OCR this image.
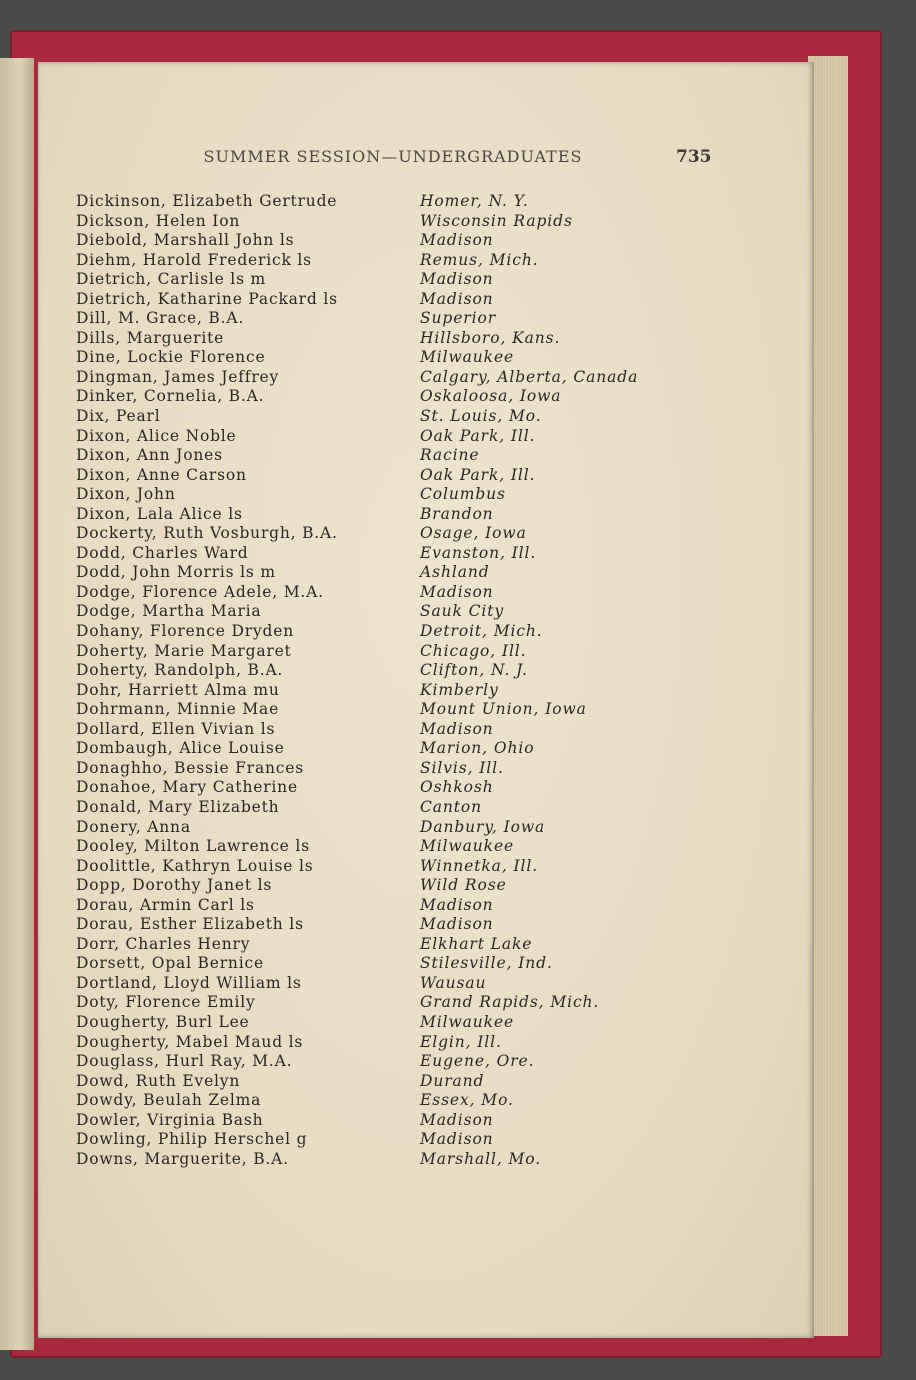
SUMMER SESSION—UNDERGRADUATES	735
Dickinson, Elizabeth Gertrude	Homer, N. Y.
Dickson, Helen Ion	Wisconsin Rapids
Diebold, Marshall John ls	Madison
Diehm, Harold Frederick ls	Remus, Mich.
Dietrich, Carlisle ls m	Madison
Dietrich, Katharine Packard ls	Madison
Dill, M. Grace, B.A.	Superior
Dills, Marguerite	Hillsboro, Kans.
Dine, Lockie Florence	Milwaukee
Dingman, James Jeffrey	Calgary, Alberta, Canada
Dinker, Cornelia, B.A.	Oskaloosa, Iowa
Dix, Pearl	St. Louis, Mo.
Dixon, Alice Noble	Oak Park, Ill.
Dixon, Ann Jones	Racine
Dixon, Anne Carson	Oak Park, Ill.
Dixon, John	Columbus
Dixon, Lala Alice ls	Brandon
Dockerty, Ruth Vosburgh, B.A.	Osage, Iowa
Dodd, Charles Ward	Evanston, Ill.
Dodd, John Morris ls m	Ashland
Dodge, Florence Adele, M.A.	Madison
Dodge, Martha Maria	Sauk City
Dohany, Florence Dryden	Detroit, Mich.
Doherty, Marie Margaret	Chicago, Ill.
Doherty, Randolph, B.A.	Clifton, N. J.
Dohr, Harriett Alma mu	Kimberly
Dohrmann, Minnie Mae	Mount Union, Iowa
Dollard, Ellen Vivian ls	Madison
Dombaugh, Alice Louise	Marion, Ohio
Donaghho, Bessie Frances	Silvis, Ill.
Donahoe, Mary Catherine	Oshkosh
Donald, Mary Elizabeth	Canton
Donery, Anna	Danbury, Iowa
Dooley, Milton Lawrence ls	Milwaukee
Doolittle, Kathryn Louise ls	Winnetka, Ill.
Dopp, Dorothy Janet ls	Wild Rose
Dorau, Armin Carl ls	Madison
Dorau, Esther Elizabeth ls	Madison
Dorr, Charles Henry	Elkhart Lake
Dorsett, Opal Bernice	Stilesville, Ind.
Dortland, Lloyd William ls	Wausau
Doty, Florence Emily	Grand Rapids, Mich.
Dougherty, Burl Lee	Milwaukee
Dougherty, Mabel Maud ls	Elgin, Ill.
Douglass, Hurl Ray, M.A.	Eugene, Ore.
Dowd, Ruth Evelyn	Durand
Dowdy, Beulah Zelma	Essex, Mo.
Dowler, Virginia Bash	Madison
Dowling, Philip Herschel g	Madison
Downs, Marguerite, B.A.	Marshall, Mo.
